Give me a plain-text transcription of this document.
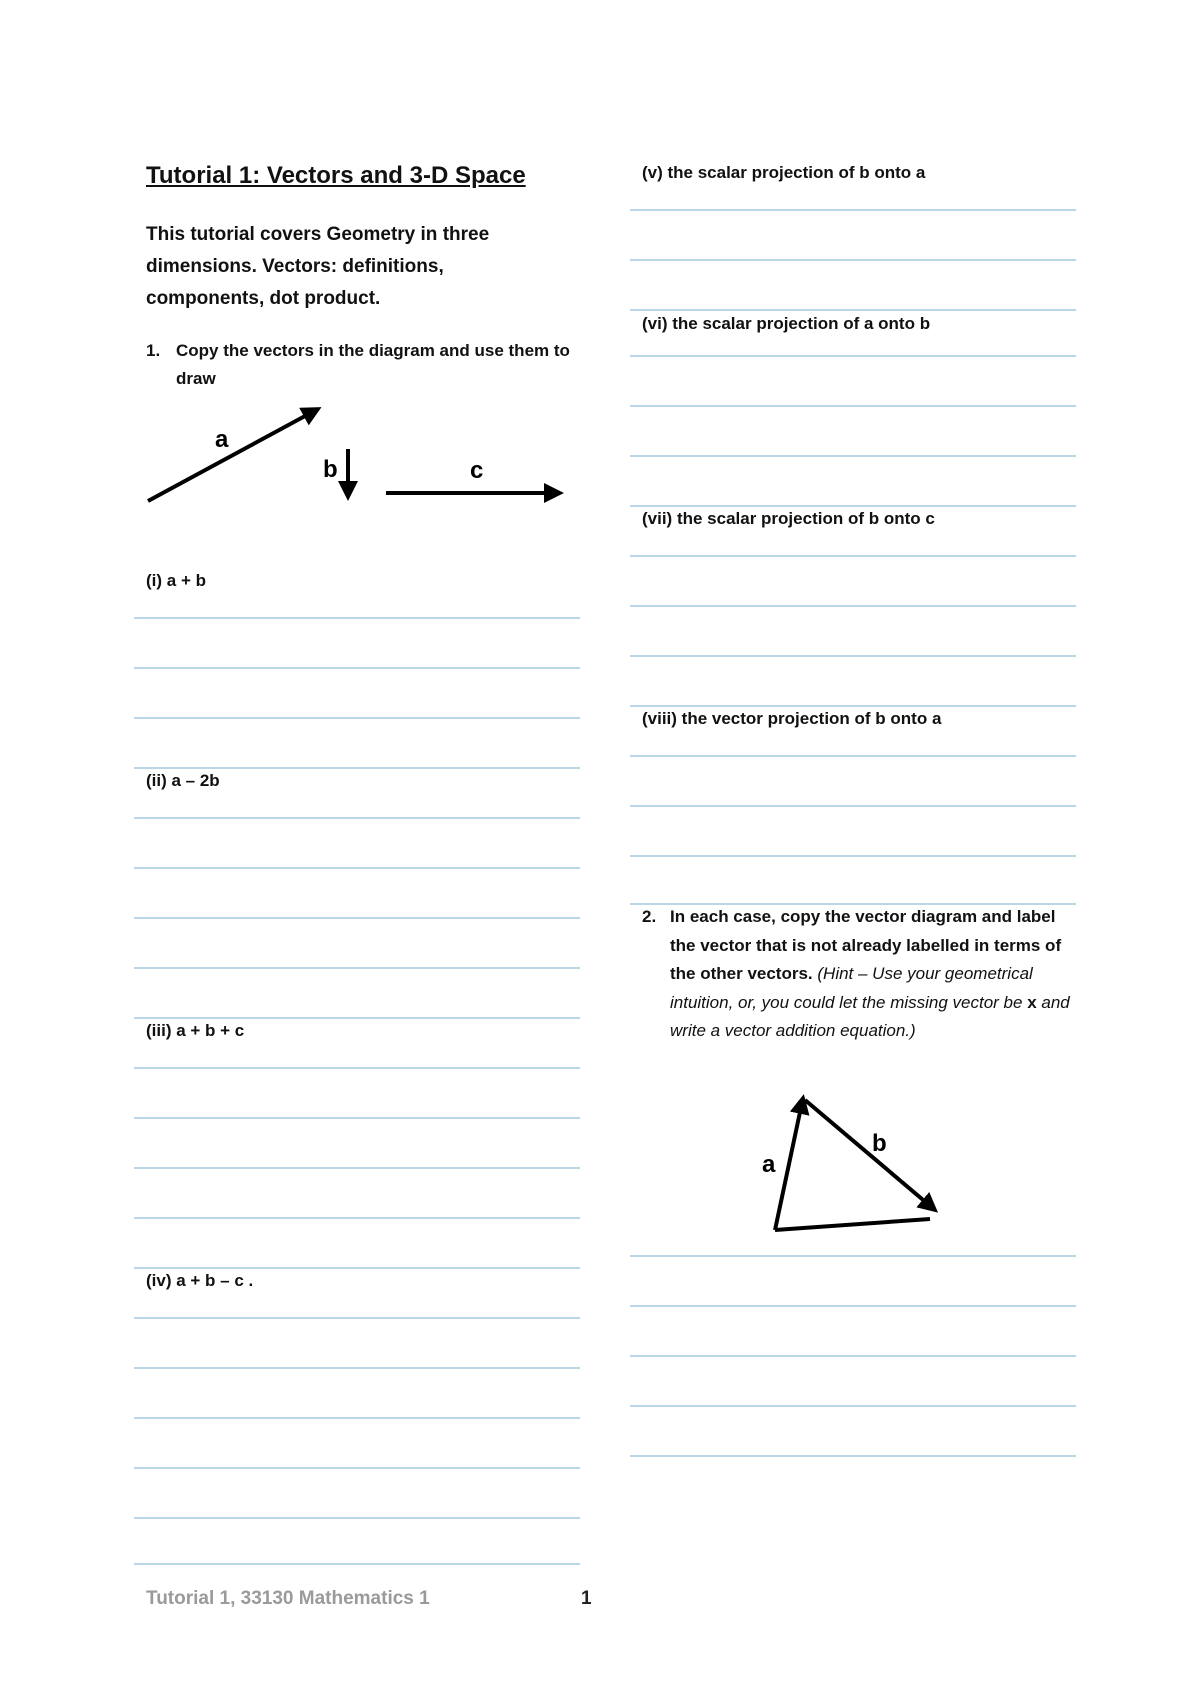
Tutorial 1: Vectors and 3-D Space
This tutorial covers Geometry in three dimensions. Vectors: definitions, components, dot product.
1. Copy the vectors in the diagram and use them to draw
a
b	c
(i) a + b
(ii) a – 2b
(iii) a + b + c
(iv) a + b – c .
(v) the scalar projection of b onto a
(vi) the scalar projection of a onto b
(vii) the scalar projection of b onto c
(viii) the vector projection of b onto a
2. In each case, copy the vector diagram and label the vector that is not already labelled in terms of the other vectors. (Hint – Use your geometrical intuition, or, you could let the missing vector be x and write a vector addition equation.)
a
b
Tutorial 1, 33130 Mathematics 1	1
